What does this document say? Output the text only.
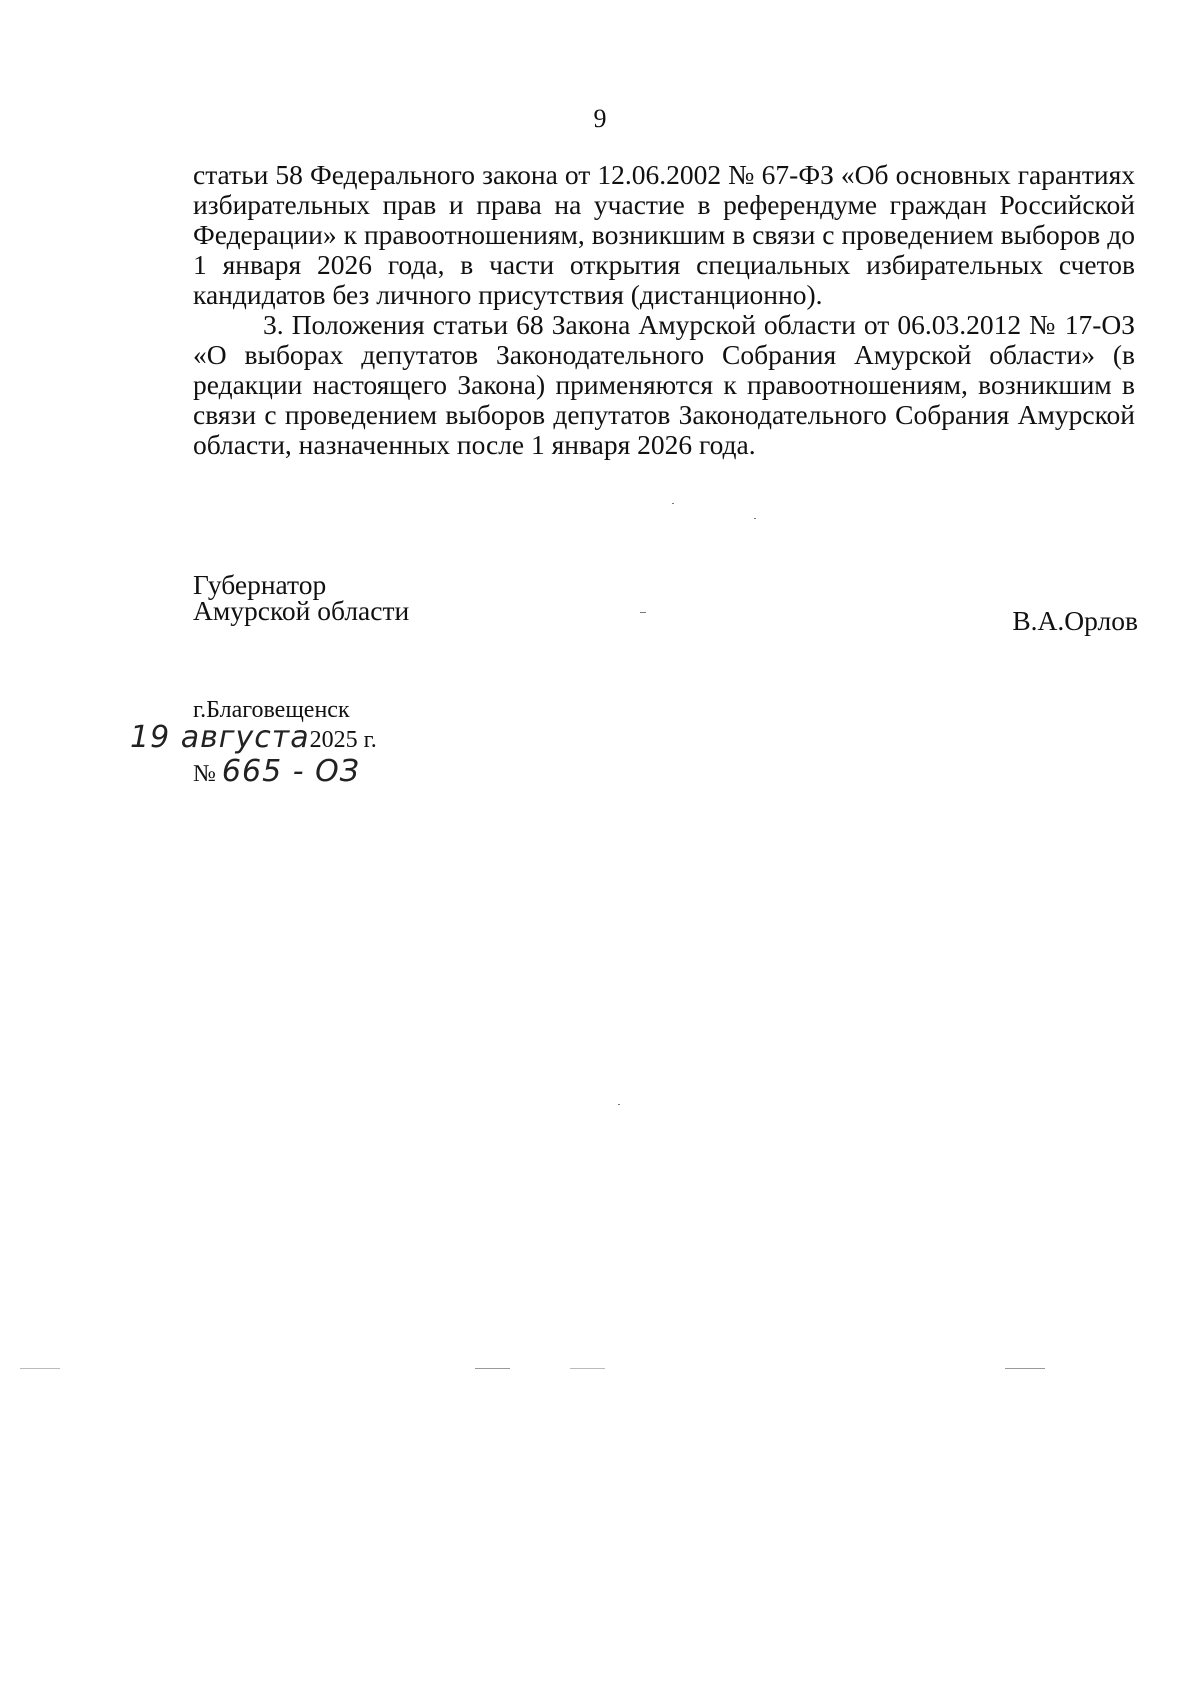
9

статьи 58 Федерального закона от 12.06.2002 № 67-ФЗ «Об основных гарантиях избирательных прав и права на участие в референдуме граждан Российской Федерации» к правоотношениям, возникшим в связи с проведением выборов до 1 января 2026 года, в части открытия специальных избирательных счетов кандидатов без личного присутствия (дистанционно).

3. Положения статьи 68 Закона Амурской области от 06.03.2012 № 17-ОЗ «О выборах депутатов Законодательного Собрания Амурской области» (в редакции настоящего Закона) применяются к правоотношениям, возникшим в связи с проведением выборов депутатов Законодательного Собрания Амурской области, назначенных после 1 января 2026 года.

Губернатор
Амурской области	В.А.Орлов
г.Благовещенск
19 августа2025 г.
№ 665 - ОЗ
